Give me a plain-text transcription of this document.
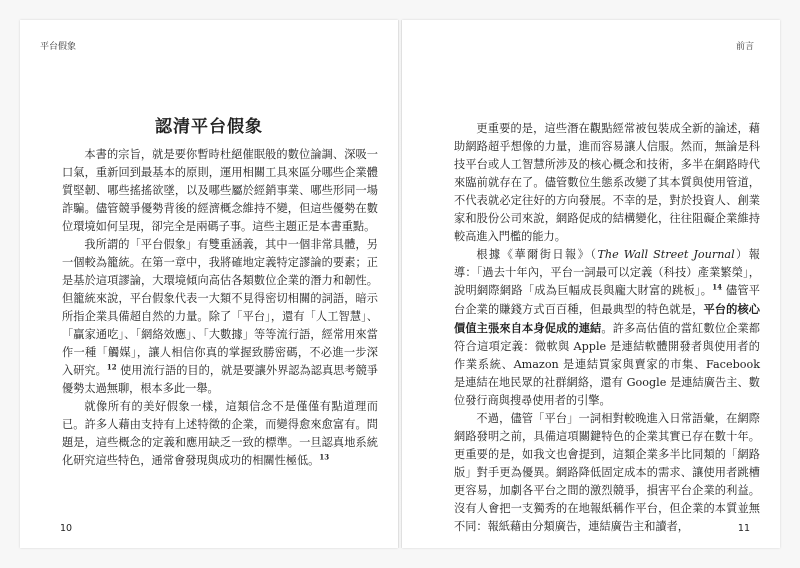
平台假象
認清平台假象

本書的宗旨，就是要你暫時杜絕催眠般的數位論調、深吸一口氣，重新回到最基本的原則，運用相關工具來區分哪些企業體質堅韌、哪些搖搖欲墜，以及哪些屬於經銷事業、哪些形同一場詐騙。儘管競爭優勢背後的經濟概念維持不變，但這些優勢在數位環境如何呈現，卻完全是兩碼子事。這些主題正是本書重點。

我所謂的「平台假象」有雙重涵義，其中一個非常具體，另一個較為籠統。在第一章中，我將確地定義特定謬論的要素；正是基於這項謬論，大環境傾向高估各類數位企業的潛力和韌性。但籠統來說，平台假象代表一大類不見得密切相關的詞語，暗示所指企業具備超自然的力量。除了「平台」，還有「人工智慧」、「贏家通吃」、「網絡效應」、「大數據」等等流行語，經常用來當作一種「觸媒」，讓人相信你真的掌握致勝密碼，不必進一步深入研究。$^{12}$ 使用流行語的目的，就是要讓外界認為認真思考競爭優勢太過無聊，根本多此一舉。

就像所有的美好假象一樣，這類信念不是僅僅有點道理而已。許多人藉由支持有上述特徵的企業，而變得愈來愈富有。問題是，這些概念的定義和應用缺乏一致的標準。一旦認真地系統化研究這些特色，通常會發現與成功的相關性極低。$^{13}$

10
前言

更重要的是，這些潛在觀點經常被包裝成全新的論述，藉助網路超乎想像的力量，進而容易讓人信服。然而，無論是科技平台或人工智慧所涉及的核心概念和技術，多半在網路時代來臨前就存在了。儘管數位生態系改變了其本質與使用管道，不代表就必定往好的方向發展。不幸的是，對於投資人、創業家和股份公司來說，網路促成的結構變化，往往阻礙企業維持較高進入門檻的能力。

根據《華爾街日報》（The Wall Street Journal）報導：「過去十年內，平台一詞最可以定義（科技）產業繁榮」，說明網際網路「成為巨幅成長與龐大財富的跳板」。$^{14}$ 儘管平台企業的賺錢方式百百種，但最典型的特色就是，平台的核心價值主張來自本身促成的連結。許多高估值的當紅數位企業都符合這項定義：微軟與 Apple 是連結軟體開發者與使用者的作業系統、Amazon 是連結買家與賣家的市集、Facebook 是連結在地民眾的社群網絡，還有 Google 是連結廣告主、數位發行商與搜尋使用者的引擎。

不過，儘管「平台」一詞相對較晚進入日常語彙，在網際網路發明之前，具備這項關鍵特色的企業其實已存在數十年。更重要的是，如我文也會提到，這類企業多半比同類的「網路版」對手更為優異。網路降低固定成本的需求、讓使用者跳槽更容易，加劇各平台之間的激烈競爭，損害平台企業的利益。沒有人會把一支獨秀的在地報紙稱作平台，但企業的本質並無不同：報紙藉由分類廣告，連結廣告主和讀者，	11
